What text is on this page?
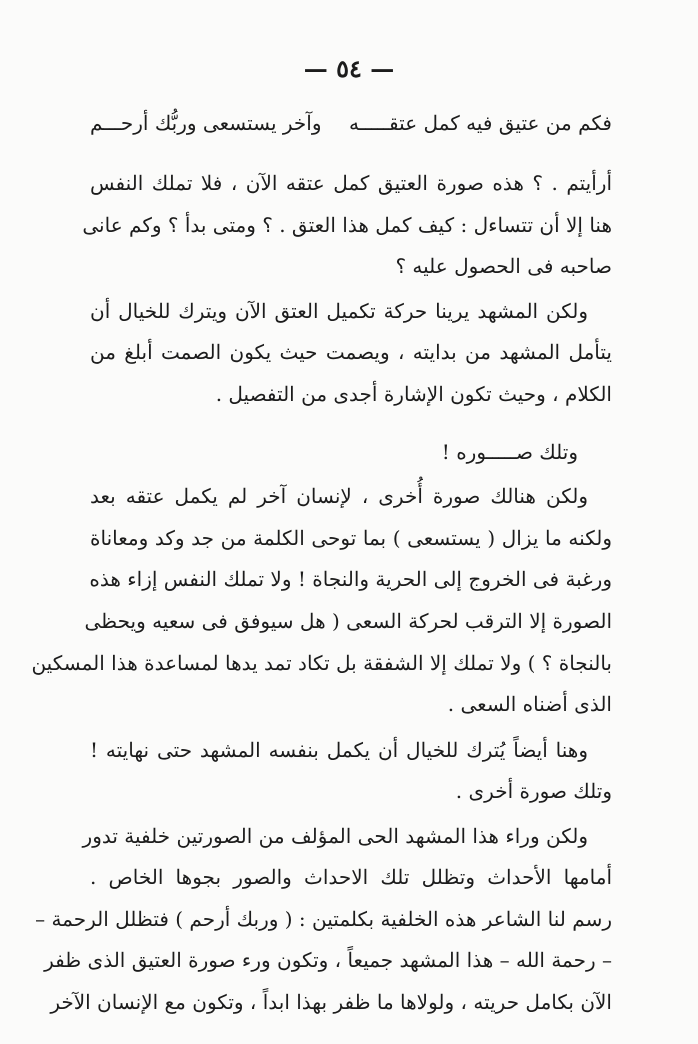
— ٥٤ —
فكم من عتيق فيه كمل عتقـــــه
وآخر يستسعى وربُّك أرحـــم
أرأيتم . ؟ هذه صورة العتيق كمل عتقه الآن ، فلا تملك النفس
هنا إلا أن تتساءل : كيف كمل هذا العتق . ؟ ومتى بدأ ؟ وكم عانى
صاحبه فى الحصول عليه ؟
ولكن المشهد يرينا حركة تكميل العتق الآن ويترك للخيال أن
يتأمل المشهد من بدايته ، ويصمت حيث يكون الصمت أبلغ من
الكلام ، وحيث تكون الإشارة أجدى من التفصيل .
وتلك صـــــوره !
ولكن هنالك صورة أُخرى ، لإنسان آخر لم يكمل عتقه بعد
ولكنه ما يزال ( يستسعى ) بما توحى الكلمة من جد وكد ومعاناة
ورغبة فى الخروج إلى الحرية والنجاة ! ولا تملك النفس إزاء هذه
الصورة إلا الترقب لحركة السعى ( هل سيوفق فى سعيه ويحظى
بالنجاة ؟ ) ولا تملك إلا الشفقة بل تكاد تمد يدها لمساعدة هذا المسكين
الذى أضناه السعى .
وهنا أيضاً يُترك للخيال أن يكمل بنفسه المشهد حتى نهايته !
وتلك صورة أخرى .
ولكن وراء هذا المشهد الحى المؤلف من الصورتين خلفية تدور
أمامها الأحداث وتظلل تلك الاحداث والصور بجوها الخاص .
رسم لنا الشاعر هذه الخلفية بكلمتين : ( وربك أرحم ) فتظلل الرحمة –
– رحمة الله – هذا المشهد جميعاً ، وتكون ورء صورة العتيق الذى ظفر
الآن بكامل حريته ، ولولاها ما ظفر بهذا ابداً ، وتكون مع الإنسان الآخر
